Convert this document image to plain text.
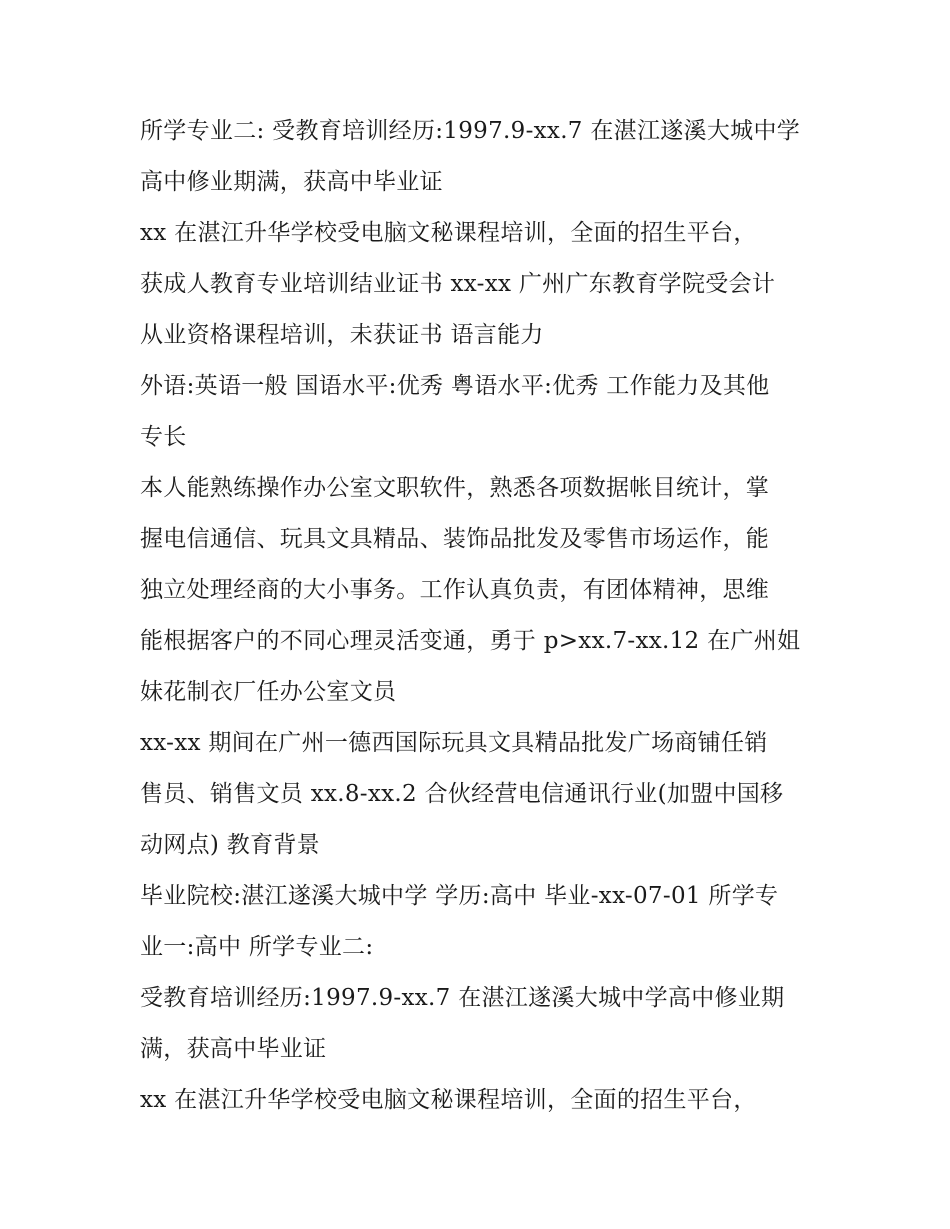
所学专业二: 受教育培训经历:1997.9-xx.7 在湛江遂溪大城中学
高中修业期满，获高中毕业证
xx 在湛江升华学校受电脑文秘课程培训，全面的招生平台，
获成人教育专业培训结业证书 xx-xx 广州广东教育学院受会计
从业资格课程培训，未获证书 语言能力
外语:英语一般 国语水平:优秀 粤语水平:优秀 工作能力及其他
专长
本人能熟练操作办公室文职软件，熟悉各项数据帐目统计，掌
握电信通信、玩具文具精品、装饰品批发及零售市场运作，能
独立处理经商的大小事务。工作认真负责，有团体精神，思维
能根据客户的不同心理灵活变通，勇于 p>xx.7-xx.12 在广州姐
妹花制衣厂任办公室文员
xx-xx 期间在广州一德西国际玩具文具精品批发广场商铺任销
售员、销售文员 xx.8-xx.2 合伙经营电信通讯行业(加盟中国移
动网点) 教育背景
毕业院校:湛江遂溪大城中学 学历:高中 毕业-xx-07-01 所学专
业一:高中 所学专业二:
受教育培训经历:1997.9-xx.7 在湛江遂溪大城中学高中修业期
满，获高中毕业证
xx 在湛江升华学校受电脑文秘课程培训，全面的招生平台，
